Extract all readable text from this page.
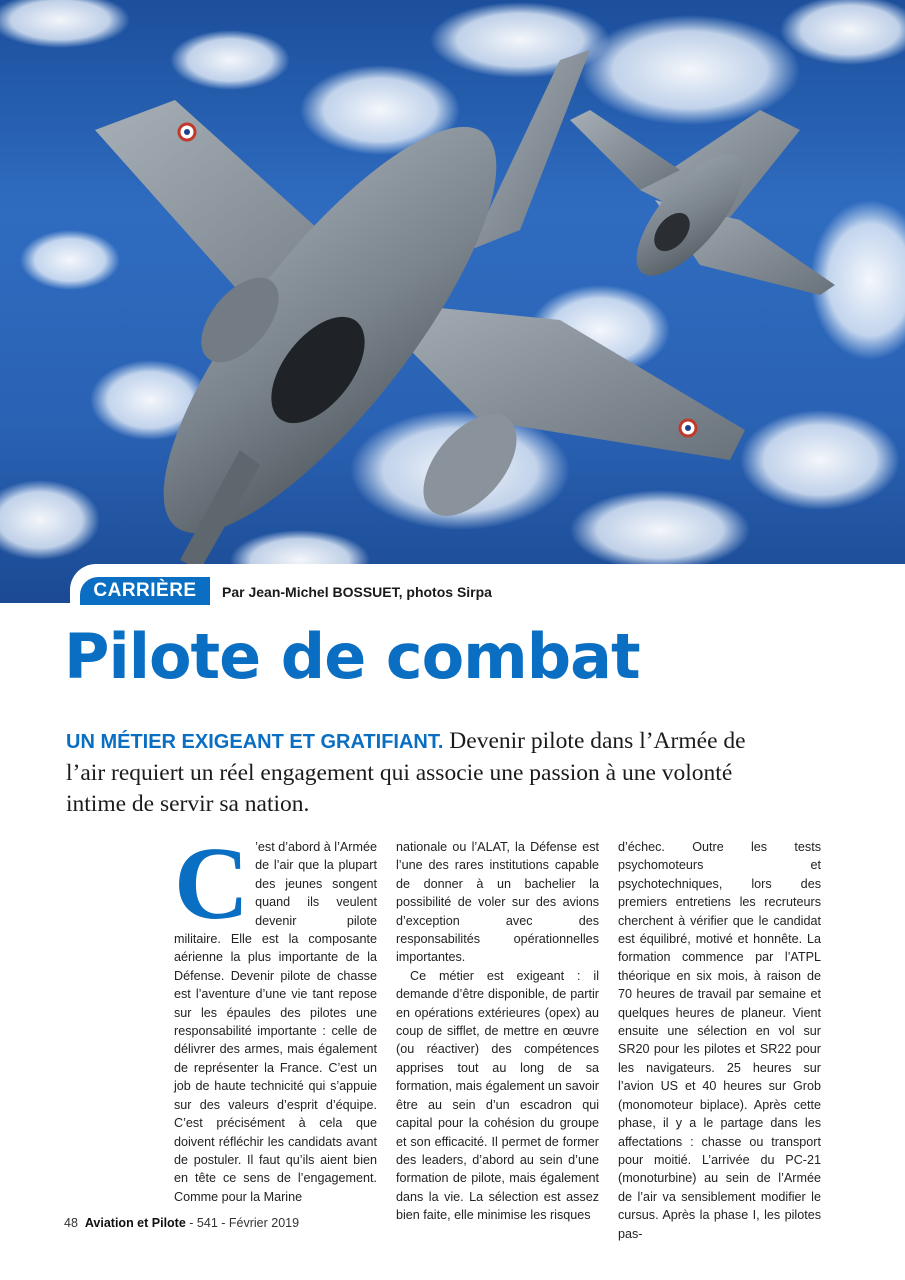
CARRIÈRE	Par Jean-Michel BOSSUET, photos Sirpa
Pilote de combat

UN MÉTIER EXIGEANT ET GRATIFIANT. Devenir pilote dans l’Armée de l’air requiert un réel engagement qui associe une passion à une volonté intime de servir sa nation.

C ’est d’abord à l’Armée de l’air que la plupart des jeunes songent quand ils veulent devenir pilote militaire. Elle est la composante aérienne la plus importante de la Défense. Devenir pilote de chasse est l’aventure d’une vie tant repose sur les épaules des pilotes une responsabilité importante : celle de délivrer des armes, mais également de représenter la France. C’est un job de haute technicité qui s’appuie sur des valeurs d’esprit d’équipe. C’est précisément à cela que doivent réfléchir les candidats avant de postuler. Il faut qu’ils aient bien en tête ce sens de l’engagement. Comme pour la Marine

nationale ou l’ALAT, la Défense est l’une des rares institutions capable de donner à un bachelier la possibilité de voler sur des avions d’exception avec des responsabilités opérationnelles importantes.

Ce métier est exigeant : il demande d’être disponible, de partir en opérations extérieures (opex) au coup de sifflet, de mettre en œuvre (ou réactiver) des compétences apprises tout au long de sa formation, mais également un savoir être au sein d’un escadron qui capital pour la cohésion du groupe et son efficacité. Il permet de former des leaders, d’abord au sein d’une formation de pilote, mais également dans la vie. La sélection est assez bien faite, elle minimise les risques

d’échec. Outre les tests psychomoteurs et psychotechniques, lors des premiers entretiens les recruteurs cherchent à vérifier que le candidat est équilibré, motivé et honnête. La formation commence par l’ATPL théorique en six mois, à raison de 70 heures de travail par semaine et quelques heures de planeur. Vient ensuite une sélection en vol sur SR20 pour les pilotes et SR22 pour les navigateurs. 25 heures sur l’avion US et 40 heures sur Grob (monomoteur biplace). Après cette phase, il y a le partage dans les affectations : chasse ou transport pour moitié. L’arrivée du PC-21 (monoturbine) au sein de l’Armée de l’air va sensiblement modifier le cursus. Après la phase I, les pilotes pas-

48 Aviation et Pilote - 541 - Février 2019
